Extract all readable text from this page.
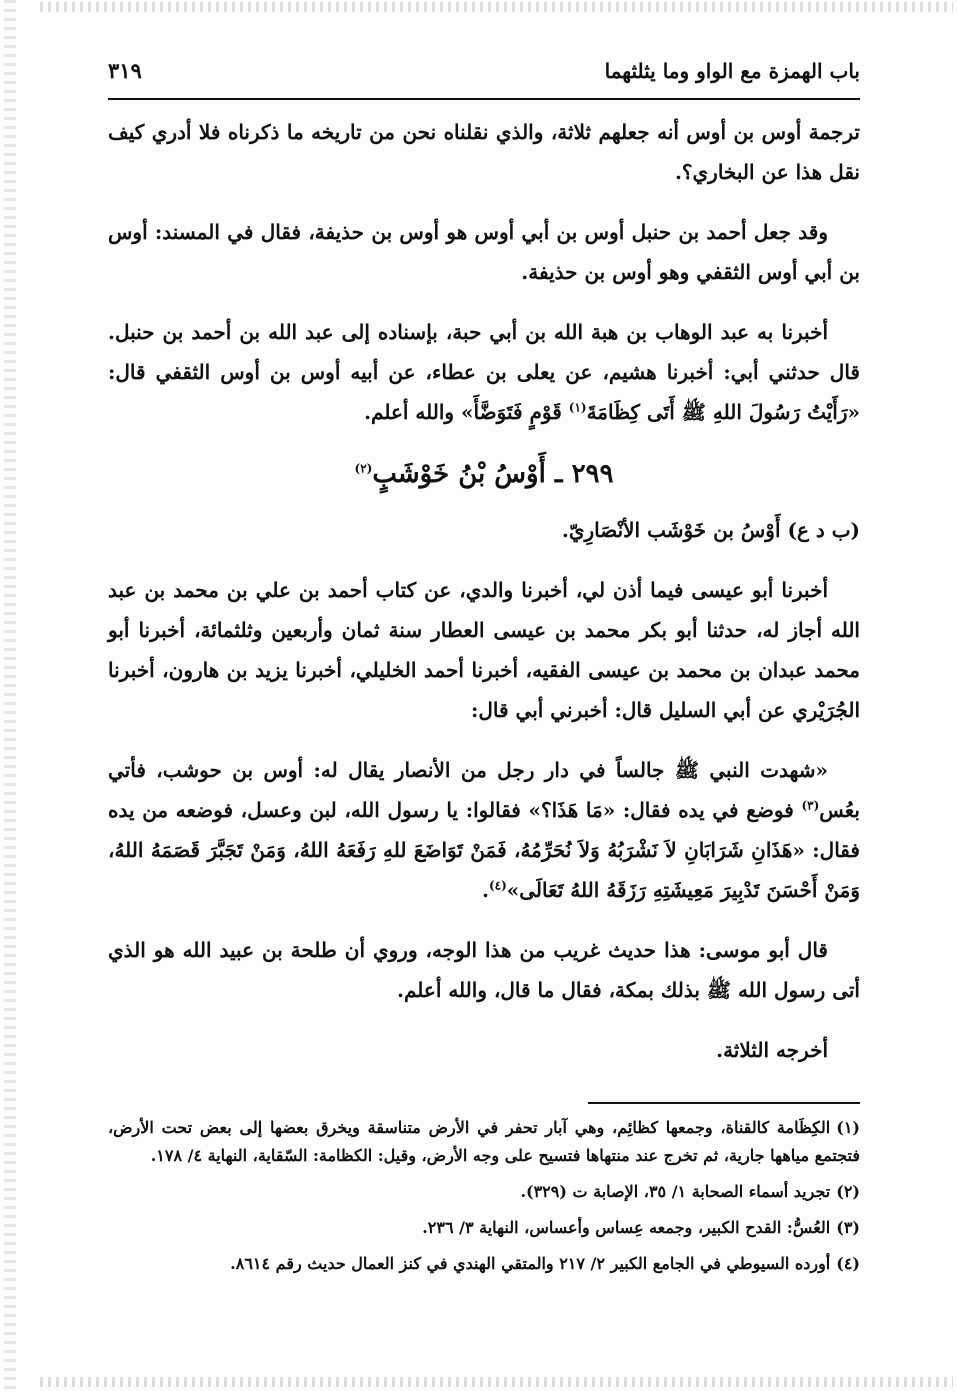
باب الهمزة مع الواو وما يثلثهما
٣١٩

ترجمة أوس بن أوس أنه جعلهم ثلاثة، والذي نقلناه نحن من تاريخه ما ذكرناه فلا أدري كيف نقل هذا عن البخاري؟.

وقد جعل أحمد بن حنبل أوس بن أبي أوس هو أوس بن حذيفة، فقال في المسند: أوس بن أبي أوس الثقفي وهو أوس بن حذيفة.

أخبرنا به عبد الوهاب بن هبة الله بن أبي حبة، بإسناده إلى عبد الله بن أحمد بن حنبل. قال حدثني أبي: أخبرنا هشيم، عن يعلى بن عطاء، عن أبيه أوس بن أوس الثقفي قال: «رَأَيْتُ رَسُولَ اللهِ ﷺ أَتَى كِظَامَةَ$^{(١)}$ قَوْمٍ فَتَوَضَّأَ» والله أعلم.

٢٩٩ ـ أَوْسُ بْنُ خَوْشَبٍ$^{(٢)}$
(ب د ع) أَوْسُ بن خَوْشَب الأنْصَارِيّ.

أخبرنا أبو عيسى فيما أذن لي، أخبرنا والدي، عن كتاب أحمد بن علي بن محمد بن عبد الله أجاز له، حدثنا أبو بكر محمد بن عيسى العطار سنة ثمان وأربعين وثلثمائة، أخبرنا أبو محمد عبدان بن محمد بن عيسى الفقيه، أخبرنا أحمد الخليلي، أخبرنا يزيد بن هارون، أخبرنا الجُرَيْري عن أبي السليل قال: أخبرني أبي قال:

«شهدت النبي ﷺ جالساً في دار رجل من الأنصار يقال له: أوس بن حوشب، فأتي بعُس$^{(٣)}$ فوضع في يده فقال: «مَا هَذَا؟» فقالوا: يا رسول الله، لبن وعسل، فوضعه من يده فقال: «هَذَانِ شَرَابَانِ لاَ نَشْرَبُهُ وَلاَ نُحَرِّمُهُ، فَمَنْ تَوَاضَعَ للهِ رَفَعَهُ اللهُ، وَمَنْ تَجَبَّرَ قَصَمَهُ اللهُ، وَمَنْ أَحْسَنَ تَدْبِيرَ مَعِيشَتِهِ رَزَقَهُ اللهُ تَعَالَى»$^{(٤)}$.

قال أبو موسى: هذا حديث غريب من هذا الوجه، وروي أن طلحة بن عبيد الله هو الذي أتى رسول الله ﷺ بذلك بمكة، فقال ما قال، والله أعلم.

أخرجه الثلاثة.

(١)الكِظَامة كالقناة، وجمعها كظائِم، وهي آبار تحفر في الأرض متناسقة ويخرق بعضها إلى بعض تحت الأرض، فتجتمع مياهها جارية، ثم تخرج عند منتهاها فتسيح على وجه الأرض، وقيل: الكظامة: السّقاية، النهاية ٤/ ١٧٨.
(٢)تجريد أسماء الصحابة ١/ ٣٥، الإصابة ت (٣٢٩).
(٣)العُسُّ: القدح الكبير، وجمعه عِساس وأعساس، النهاية ٣/ ٢٣٦.
(٤)أورده السيوطي في الجامع الكبير ٢/ ٢١٧ والمتقي الهندي في كنز العمال حديث رقم ٨٦١٤.
